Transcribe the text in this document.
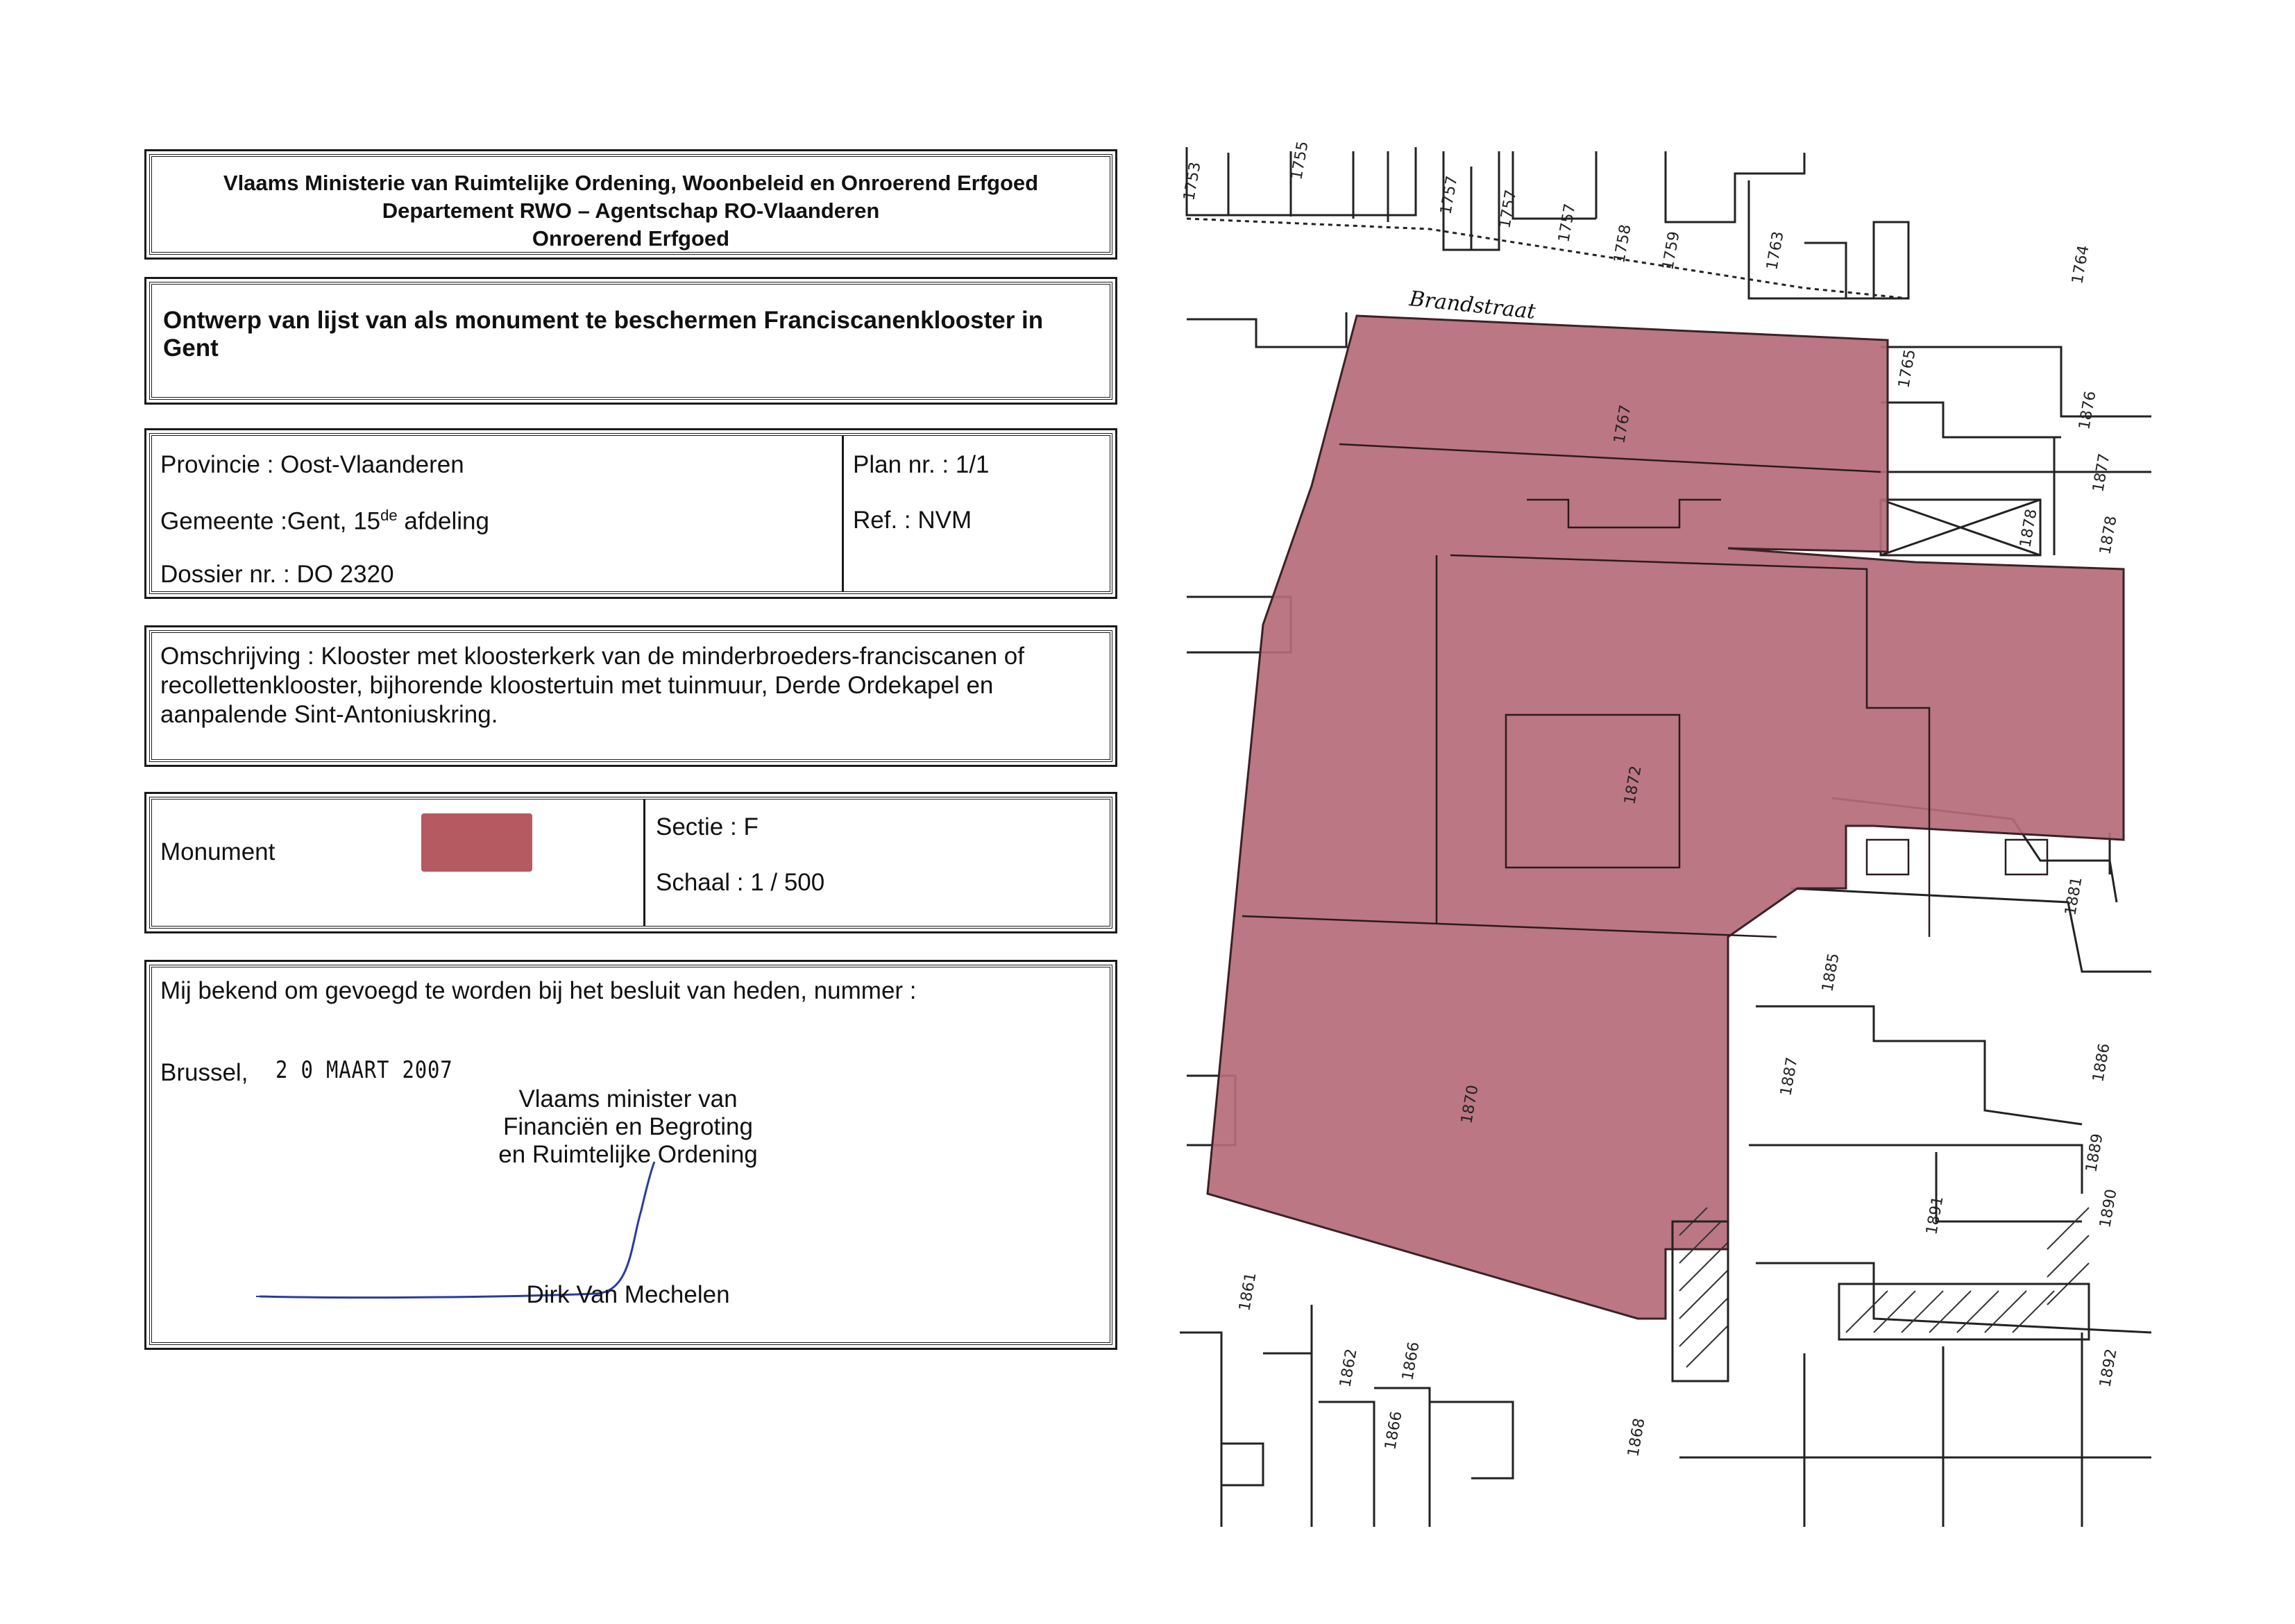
Vlaams Ministerie van Ruimtelijke Ordening, Woonbeleid en Onroerend Erfgoed
Departement RWO – Agentschap RO-Vlaanderen
Onroerend Erfgoed
Ontwerp van lijst van als monument te beschermen Franciscanenklooster in Gent
Provincie : Oost-Vlaanderen
Gemeente :Gent, 15de afdeling
Dossier nr. : DO 2320
Plan nr. : 1/1
Ref. : NVM
Omschrijving : Klooster met kloosterkerk van de minderbroeders-franciscanen of
recollettenklooster, bijhorende kloostertuin met tuinmuur, Derde Ordekapel en
aanpalende Sint-Antoniuskring.
Monument
Sectie : F
Schaal : 1 / 500
Mij bekend om gevoegd te worden bij het besluit van heden, nummer :
Brussel, 2 0 MAART 2007
Vlaams minister van
Financiën en Begroting
en Ruimtelijke Ordening
Dirk Van Mechelen
Brandstraat
1753
1755
1757 1757 1757
1758 1759	1763	1764
1765
1767	1876
1877
1878	1878
1872
1870
1881
1885
1887	1886
1889
1891	1890
1861
1862	1866
1866	1868
1892
